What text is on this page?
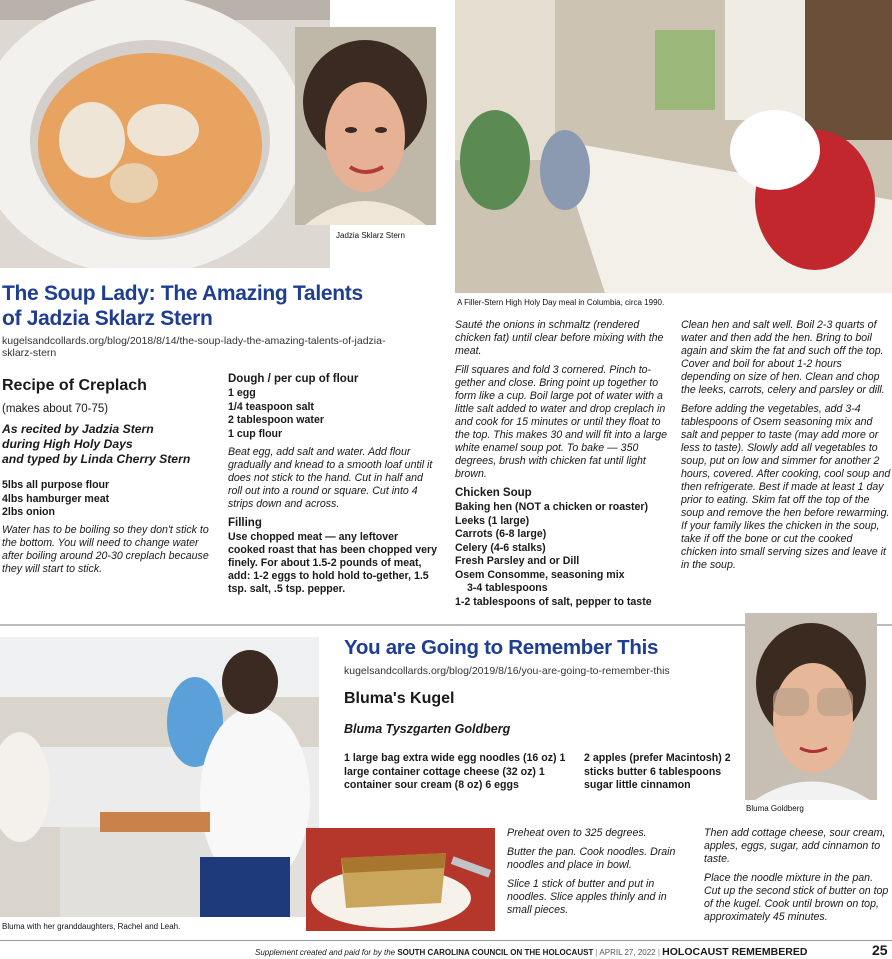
Jadzia Sklarz Stern
A Filler-Stern High Holy Day meal in Columbia, circa 1990.
The Soup Lady: The Amazing Talents
of Jadzia Sklarz Stern
kugelsandcollards.org/blog/2018/8/14/the-soup-lady-the-amazing-talents-of-jadzia-
sklarz-stern
Recipe of Creplach
(makes about 70-75)
As recited by Jadzia Stern
during High Holy Days
and typed by Linda Cherry Stern
5lbs all purpose flour
4lbs hamburger meat
2lbs onion

Water has to be boiling so they don't stick to the bottom. You will need to change water after boiling around 20-30 creplach because they will start to stick.

Dough / per cup of flour
1 egg
1/4 teaspoon salt
2 tablespoon water
1 cup flour

Beat egg, add salt and water. Add flour gradually and knead to a smooth loaf until it does not stick to the hand. Cut in half and roll out into a round or square. Cut into 4 strips down and across.

Filling

Use chopped meat — any leftover cooked roast that has been chopped very finely. For about 1.5-2 pounds of meat, add: 1-2 eggs to hold hold to-gether, 1.5 tsp. salt, .5 tsp. pepper.

Sauté the onions in schmaltz (rendered chicken fat) until clear before mixing with the meat.

Fill squares and fold 3 cornered. Pinch to-gether and close. Bring point up together to form like a cup. Boil large pot of water with a little salt added to water and drop creplach in and cook for 15 minutes or until they float to the top. This makes 30 and will fit into a large white enamel soup pot. To bake — 350 degrees, brush with chicken fat until light brown.

Chicken Soup
Baking hen (NOT a chicken or roaster)
Leeks (1 large)
Carrots (6-8 large)
Celery (4-6 stalks)
Fresh Parsley and or Dill
Osem Consomme, seasoning mix
3-4 tablespoons
1-2 tablespoons of salt, pepper to taste

Clean hen and salt well. Boil 2-3 quarts of water and then add the hen. Bring to boil again and skim the fat and such off the top. Cover and boil for about 1-2 hours depending on size of hen. Clean and chop the leeks, carrots, celery and parsley or dill.

Before adding the vegetables, add 3-4 tablespoons of Osem seasoning mix and salt and pepper to taste (may add more or less to taste). Slowly add all vegetables to soup, put on low and simmer for another 2 hours, covered. After cooking, cool soup and then refrigerate. Best if made at least 1 day prior to eating. Skim fat off the top of the soup and remove the hen before rewarming. If your family likes the chicken in the soup, take if off the bone or cut the cooked chicken into small serving sizes and leave it in the soup.

Bluma with her granddaughters, Rachel and Leah.
Bluma Goldberg
You are Going to Remember This
kugelsandcollards.org/blog/2019/8/16/you-are-going-to-remember-this
Bluma's Kugel
Bluma Tyszgarten Goldberg
1 large bag extra wide egg noodles (16 oz) 1 large container cottage cheese (32 oz) 1 container sour cream (8 oz) 6 eggs
2 apples (prefer Macintosh) 2 sticks butter 6 tablespoons sugar little cinnamon

Preheat oven to 325 degrees.

Butter the pan. Cook noodles. Drain noodles and place in bowl.

Slice 1 stick of butter and put in noodles. Slice apples thinly and in small pieces.

Then add cottage cheese, sour cream, apples, eggs, sugar, add cinnamon to taste.

Place the noodle mixture in the pan. Cut up the second stick of butter on top of the kugel. Cook until brown on top, approximately 45 minutes.

Supplement created and paid for by the SOUTH CAROLINA COUNCIL ON THE HOLOCAUST | APRIL 27, 2022 | HOLOCAUST REMEMBERED	25
